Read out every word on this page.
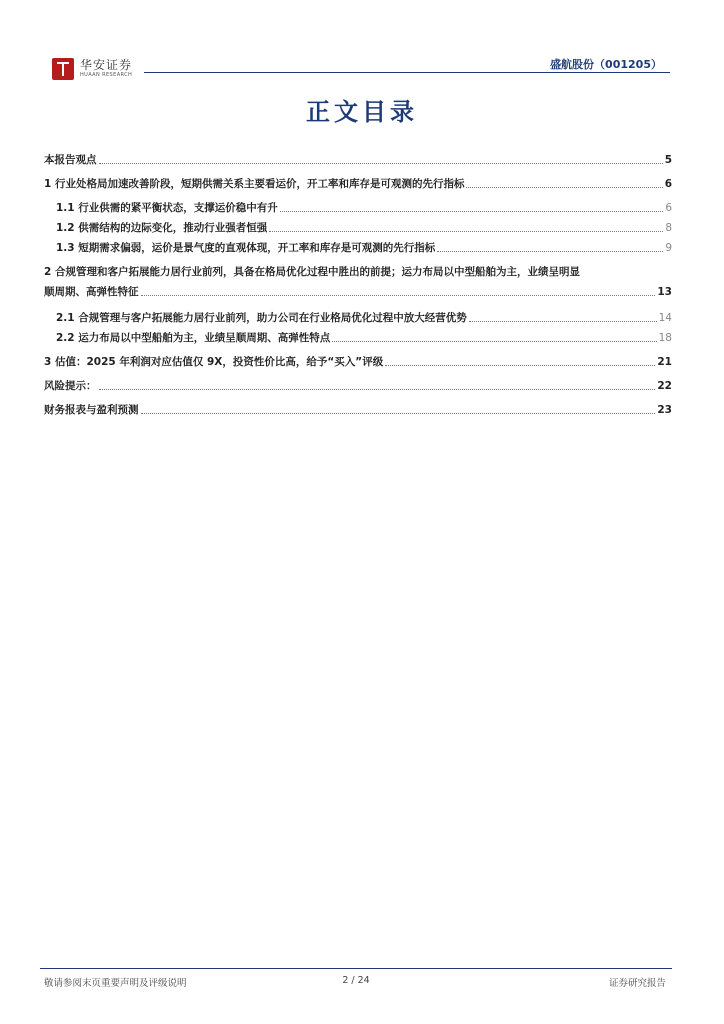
华安证券
HUAAN RESEARCH
盛航股份（001205）
正文目录
本报告观点	5
1 行业处格局加速改善阶段，短期供需关系主要看运价，开工率和库存是可观测的先行指标	6
1.1 行业供需的紧平衡状态，支撑运价稳中有升	6
1.2 供需结构的边际变化，推动行业强者恒强	8
1.3 短期需求偏弱，运价是景气度的直观体现，开工率和库存是可观测的先行指标	9
2 合规管理和客户拓展能力居行业前列，具备在格局优化过程中胜出的前提；运力布局以中型船舶为主，业绩呈明显
顺周期、高弹性特征	13
2.1 合规管理与客户拓展能力居行业前列，助力公司在行业格局优化过程中放大经营优势	14
2.2 运力布局以中型船舶为主，业绩呈顺周期、高弹性特点	18
3 估值：2025 年利润对应估值仅 9X，投资性价比高，给予“买入”评级	21
风险提示：	22
财务报表与盈利预测	23
敬请参阅末页重要声明及评级说明	2 / 24	证券研究报告
